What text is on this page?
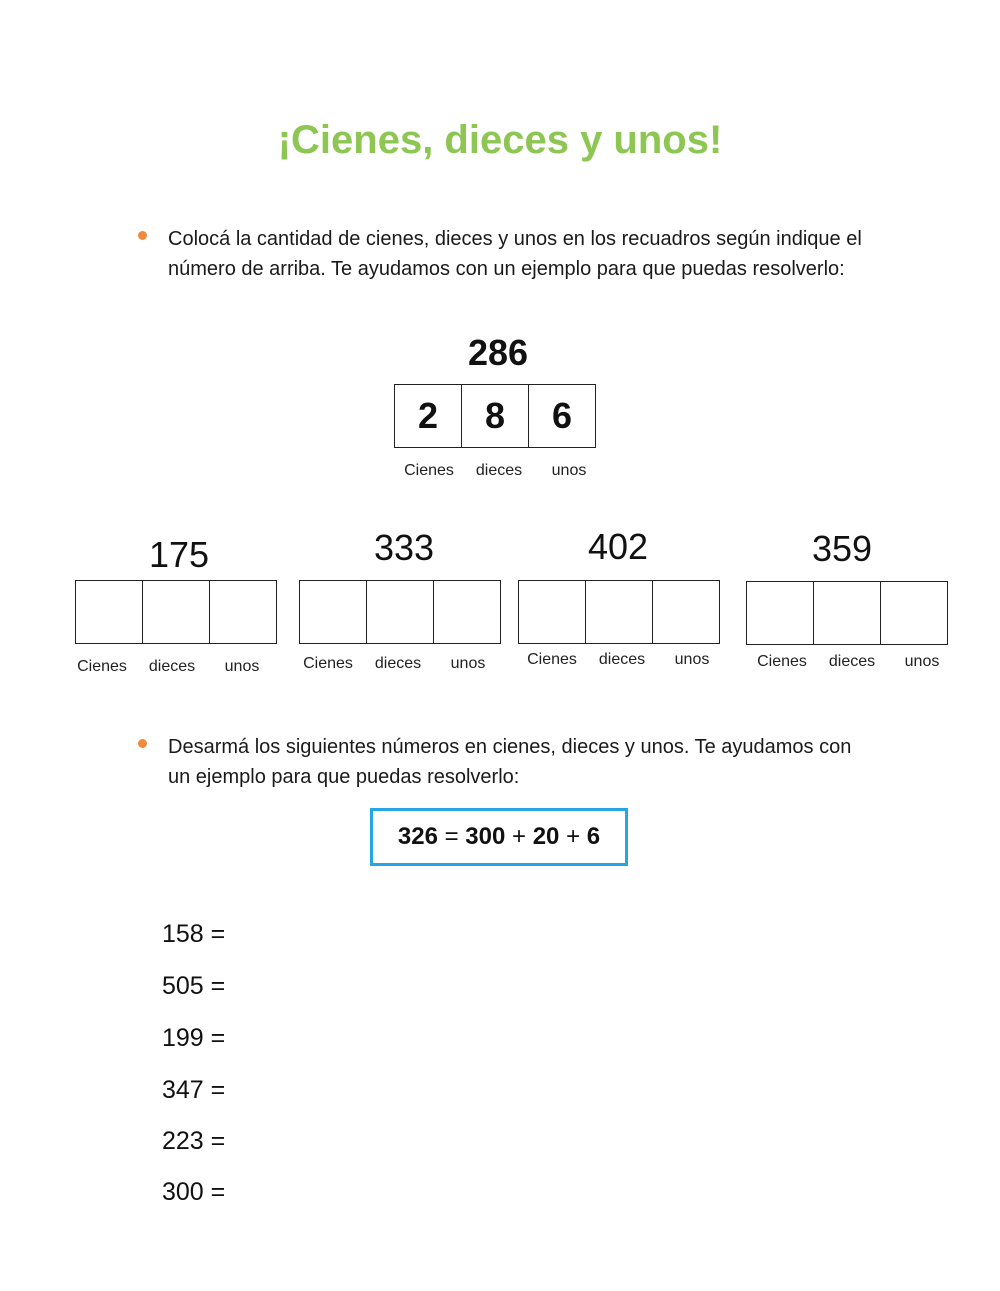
¡Cienes, dieces y unos!
Colocá la cantidad de cienes, dieces y unos en los recuadros según indique el número de arriba. Te ayudamos con un ejemplo para que puedas resolverlo:
286
2	8	6
Cienes	dieces	unos
175
Cienes	dieces	unos
333
Cienes	dieces	unos
402
Cienes	dieces	unos
359
Cienes	dieces	unos
Desarmá los siguientes números en cienes, dieces y unos. Te ayudamos con un ejemplo para que puedas resolverlo:
326
=
300
+
20
+
6
158 =
505 =
199 =
347 =
223 =
300 =
